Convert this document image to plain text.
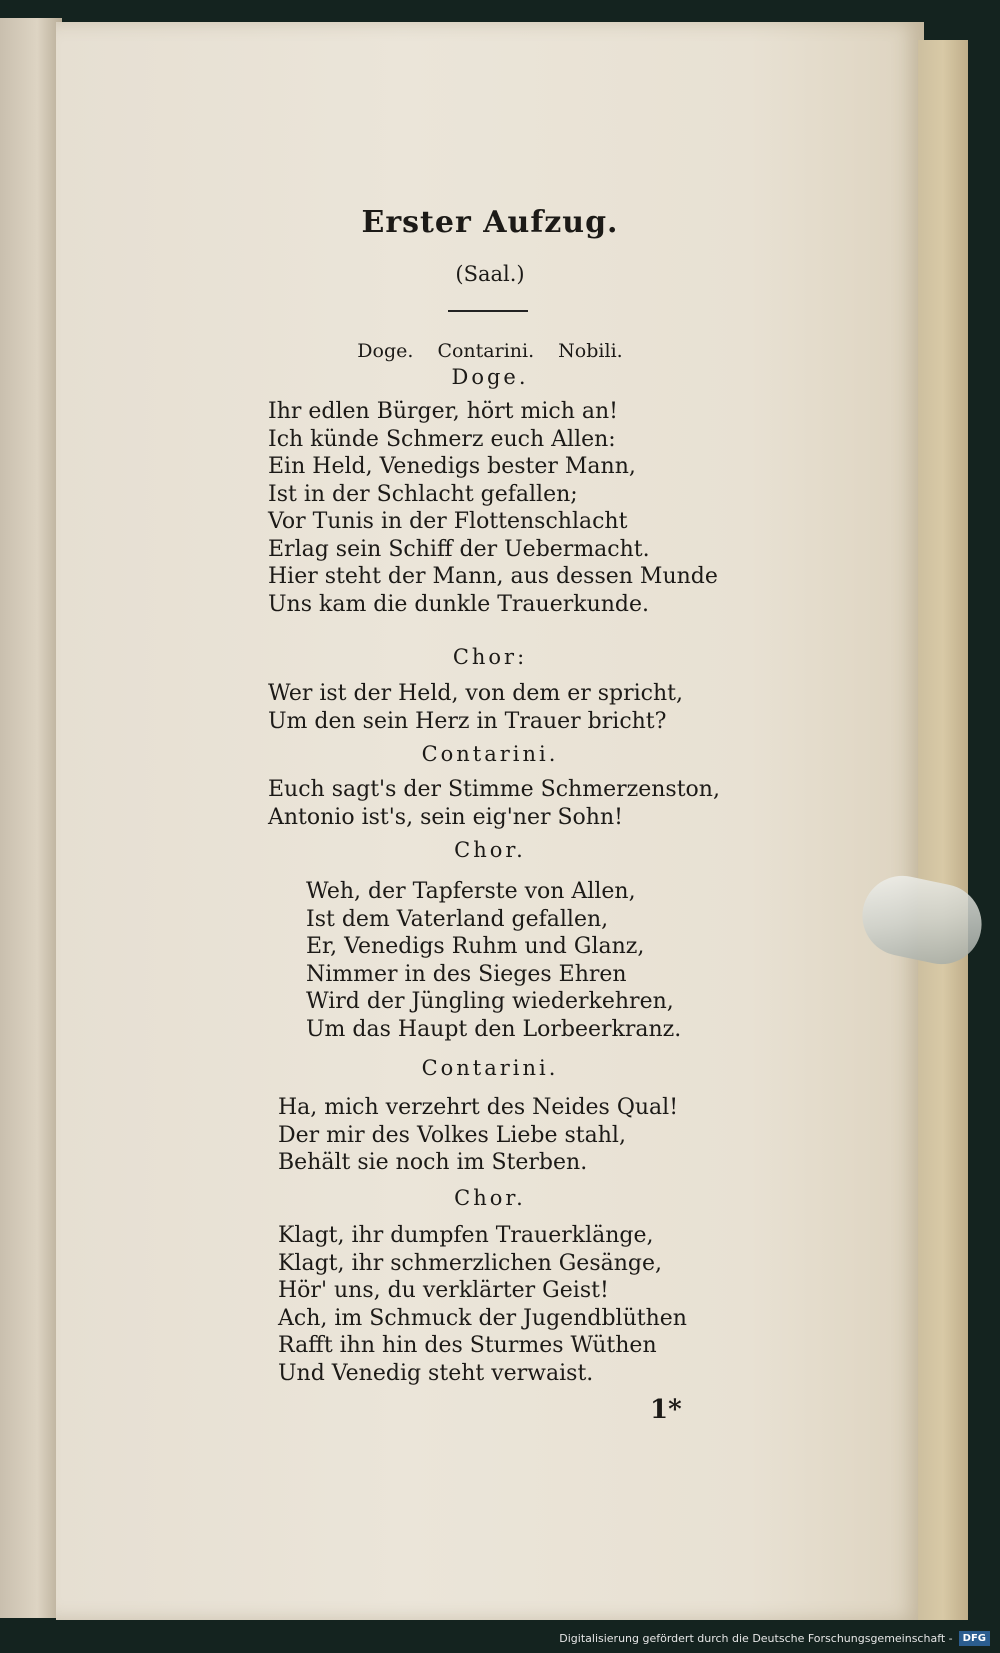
Erster Aufzug.
(Saal.)
Doge. Contarini. Nobili.
Doge.
Ihr edlen Bürger, hört mich an!
Ich künde Schmerz euch Allen:
Ein Held, Venedigs bester Mann,
Ist in der Schlacht gefallen;
Vor Tunis in der Flottenschlacht
Erlag sein Schiff der Uebermacht.
Hier steht der Mann, aus dessen Munde
Uns kam die dunkle Trauerkunde.
Chor:
Wer ist der Held, von dem er spricht,
Um den sein Herz in Trauer bricht?
Contarini.
Euch sagt's der Stimme Schmerzenston,
Antonio ist's, sein eig'ner Sohn!
Chor.
Weh, der Tapferste von Allen,
Ist dem Vaterland gefallen,
Er, Venedigs Ruhm und Glanz,
Nimmer in des Sieges Ehren
Wird der Jüngling wiederkehren,
Um das Haupt den Lorbeerkranz.
Contarini.
Ha, mich verzehrt des Neides Qual!
Der mir des Volkes Liebe stahl,
Behält sie noch im Sterben.
Chor.
Klagt, ihr dumpfen Trauerklänge,
Klagt, ihr schmerzlichen Gesänge,
Hör' uns, du verklärter Geist!
Ach, im Schmuck der Jugendblüthen
Rafft ihn hin des Sturmes Wüthen
Und Venedig steht verwaist.
1*
Digitalisierung gefördert durch die Deutsche Forschungsgemeinschaft -	DFG
